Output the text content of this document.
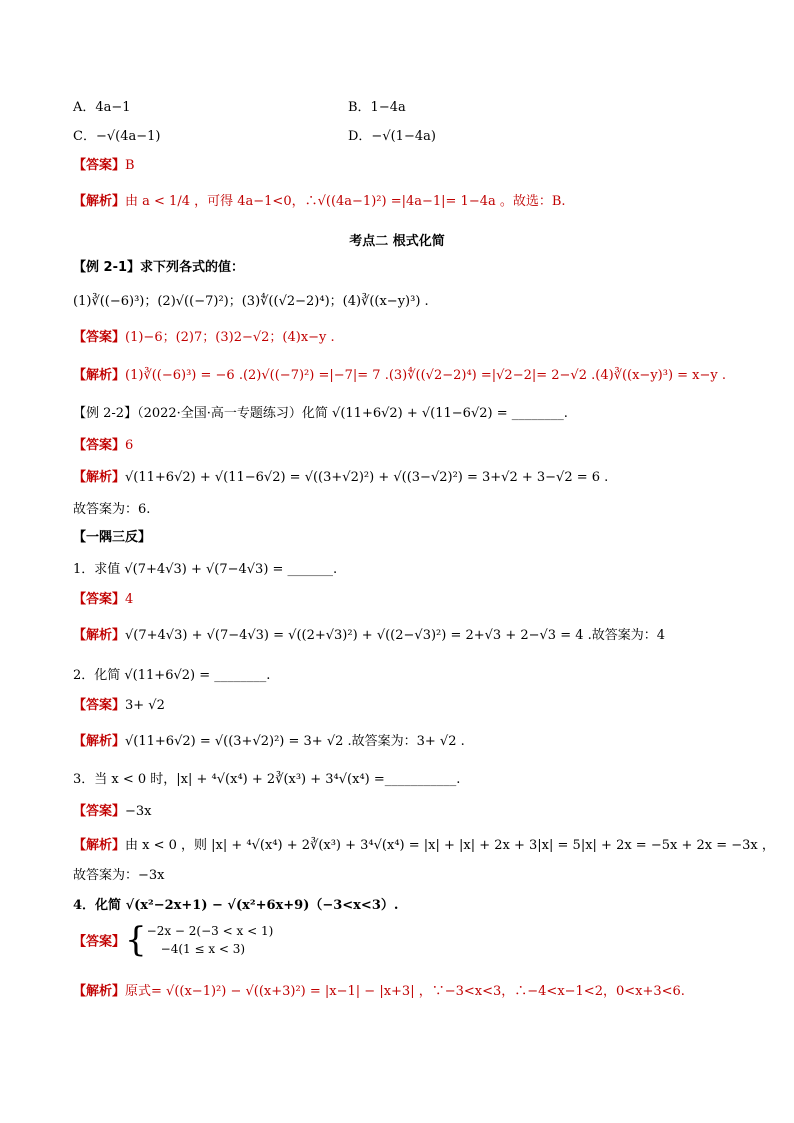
A．4a−1	B．1−4a
C．−√(4a−1)	D．−√(1−4a)
【答案】B
【解析】由 a < 1/4 ，可得 4a−1<0，∴√((4a−1)²) =|4a−1|= 1−4a 。故选：B.
考点二 根式化简
【例 2-1】求下列各式的值：
(1)∛((−6)³)；(2)√((−7)²)；(3)∜((√2−2)⁴)；(4)∛((x−y)³) .
【答案】(1)−6；(2)7；(3)2−√2；(4)x−y .
【解析】(1)∛((−6)³) = −6 .(2)√((−7)²) =|−7|= 7 .(3)∜((√2−2)⁴) =|√2−2|= 2−√2 .(4)∛((x−y)³) = x−y .
【例 2-2】（2022·全国·高一专题练习）化简 √(11+6√2) + √(11−6√2) = ________.
【答案】6
【解析】√(11+6√2) + √(11−6√2) = √((3+√2)²) + √((3−√2)²) = 3+√2 + 3−√2 = 6 .
故答案为：6.
【一隅三反】
1．求值 √(7+4√3) + √(7−4√3) = _______.
【答案】4
【解析】√(7+4√3) + √(7−4√3) = √((2+√3)²) + √((2−√3)²) = 2+√3 + 2−√3 = 4 .故答案为：4
2．化简 √(11+6√2) = ________.
【答案】3+ √2
【解析】√(11+6√2) = √((3+√2)²) = 3+ √2 .故答案为：3+ √2 .
3．当 x < 0 时，|x| + ⁴√(x⁴) + 2∛(x³) + 3⁴√(x⁴) =___________.
【答案】−3x
【解析】由 x < 0 ，则 |x| + ⁴√(x⁴) + 2∛(x³) + 3⁴√(x⁴) = |x| + |x| + 2x + 3|x| = 5|x| + 2x = −5x + 2x = −3x ，
故答案为：−3x
4．化简 √(x²−2x+1) − √(x²+6x+9)（−3<x<3）.
【答案】{ −2x − 2(−3 < x < 1)
−4(1 ≤ x < 3)
【解析】原式= √((x−1)²) − √((x+3)²) = |x−1| − |x+3| ，∵−3<x<3，∴−4<x−1<2，0<x+3<6.
